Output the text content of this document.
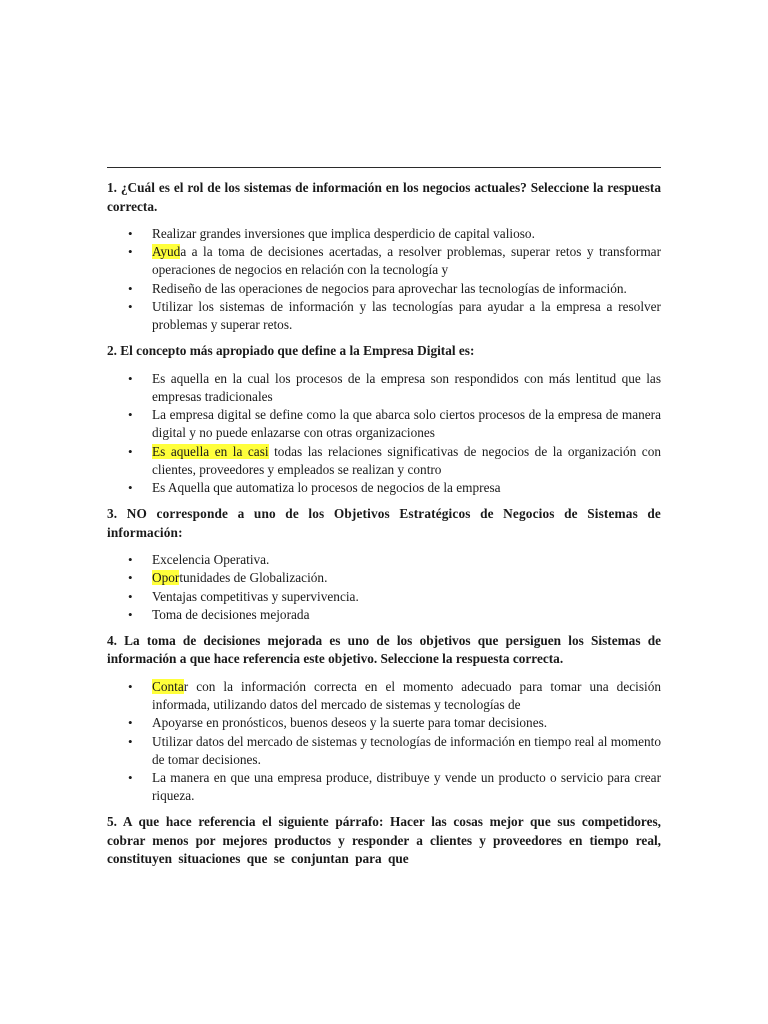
1. ¿Cuál es el rol de los sistemas de información en los negocios actuales? Seleccione la respuesta correcta.

•	Realizar grandes inversiones que implica desperdicio de capital valioso.
•	Ayuda a la toma de decisiones acertadas, a resolver problemas, superar retos y transformar operaciones de negocios en relación con la tecnología y
•	Rediseño de las operaciones de negocios para aprovechar las tecnologías de información.
•	Utilizar los sistemas de información y las tecnologías para ayudar a la empresa a resolver problemas y superar retos.

2. El concepto más apropiado que define a la Empresa Digital es:

•	Es aquella en la cual los procesos de la empresa son respondidos con más lentitud que las empresas tradicionales
•	La empresa digital se define como la que abarca solo ciertos procesos de la empresa de manera digital y no puede enlazarse con otras organizaciones
•	Es aquella en la casi todas las relaciones significativas de negocios de la organización con clientes, proveedores y empleados se realizan y contro
•	Es Aquella que automatiza lo procesos de negocios de la empresa

3. NO corresponde a uno de los Objetivos Estratégicos de Negocios de Sistemas de información:

•	Excelencia Operativa.
•	Oportunidades de Globalización.
•	Ventajas competitivas y supervivencia.
•	Toma de decisiones mejorada

4. La toma de decisiones mejorada es uno de los objetivos que persiguen los Sistemas de información a que hace referencia este objetivo. Seleccione la respuesta correcta.

•	Contar con la información correcta en el momento adecuado para tomar una decisión informada, utilizando datos del mercado de sistemas y tecnologías de
•	Apoyarse en pronósticos, buenos deseos y la suerte para tomar decisiones.
•	Utilizar datos del mercado de sistemas y tecnologías de información en tiempo real al momento de tomar decisiones.
•	La manera en que una empresa produce, distribuye y vende un producto o servicio para crear riqueza.

5. A que hace referencia el siguiente párrafo: Hacer las cosas mejor que sus competidores, cobrar menos por mejores productos y responder a clientes y proveedores en tiempo real, constituyen situaciones que se conjuntan para que
